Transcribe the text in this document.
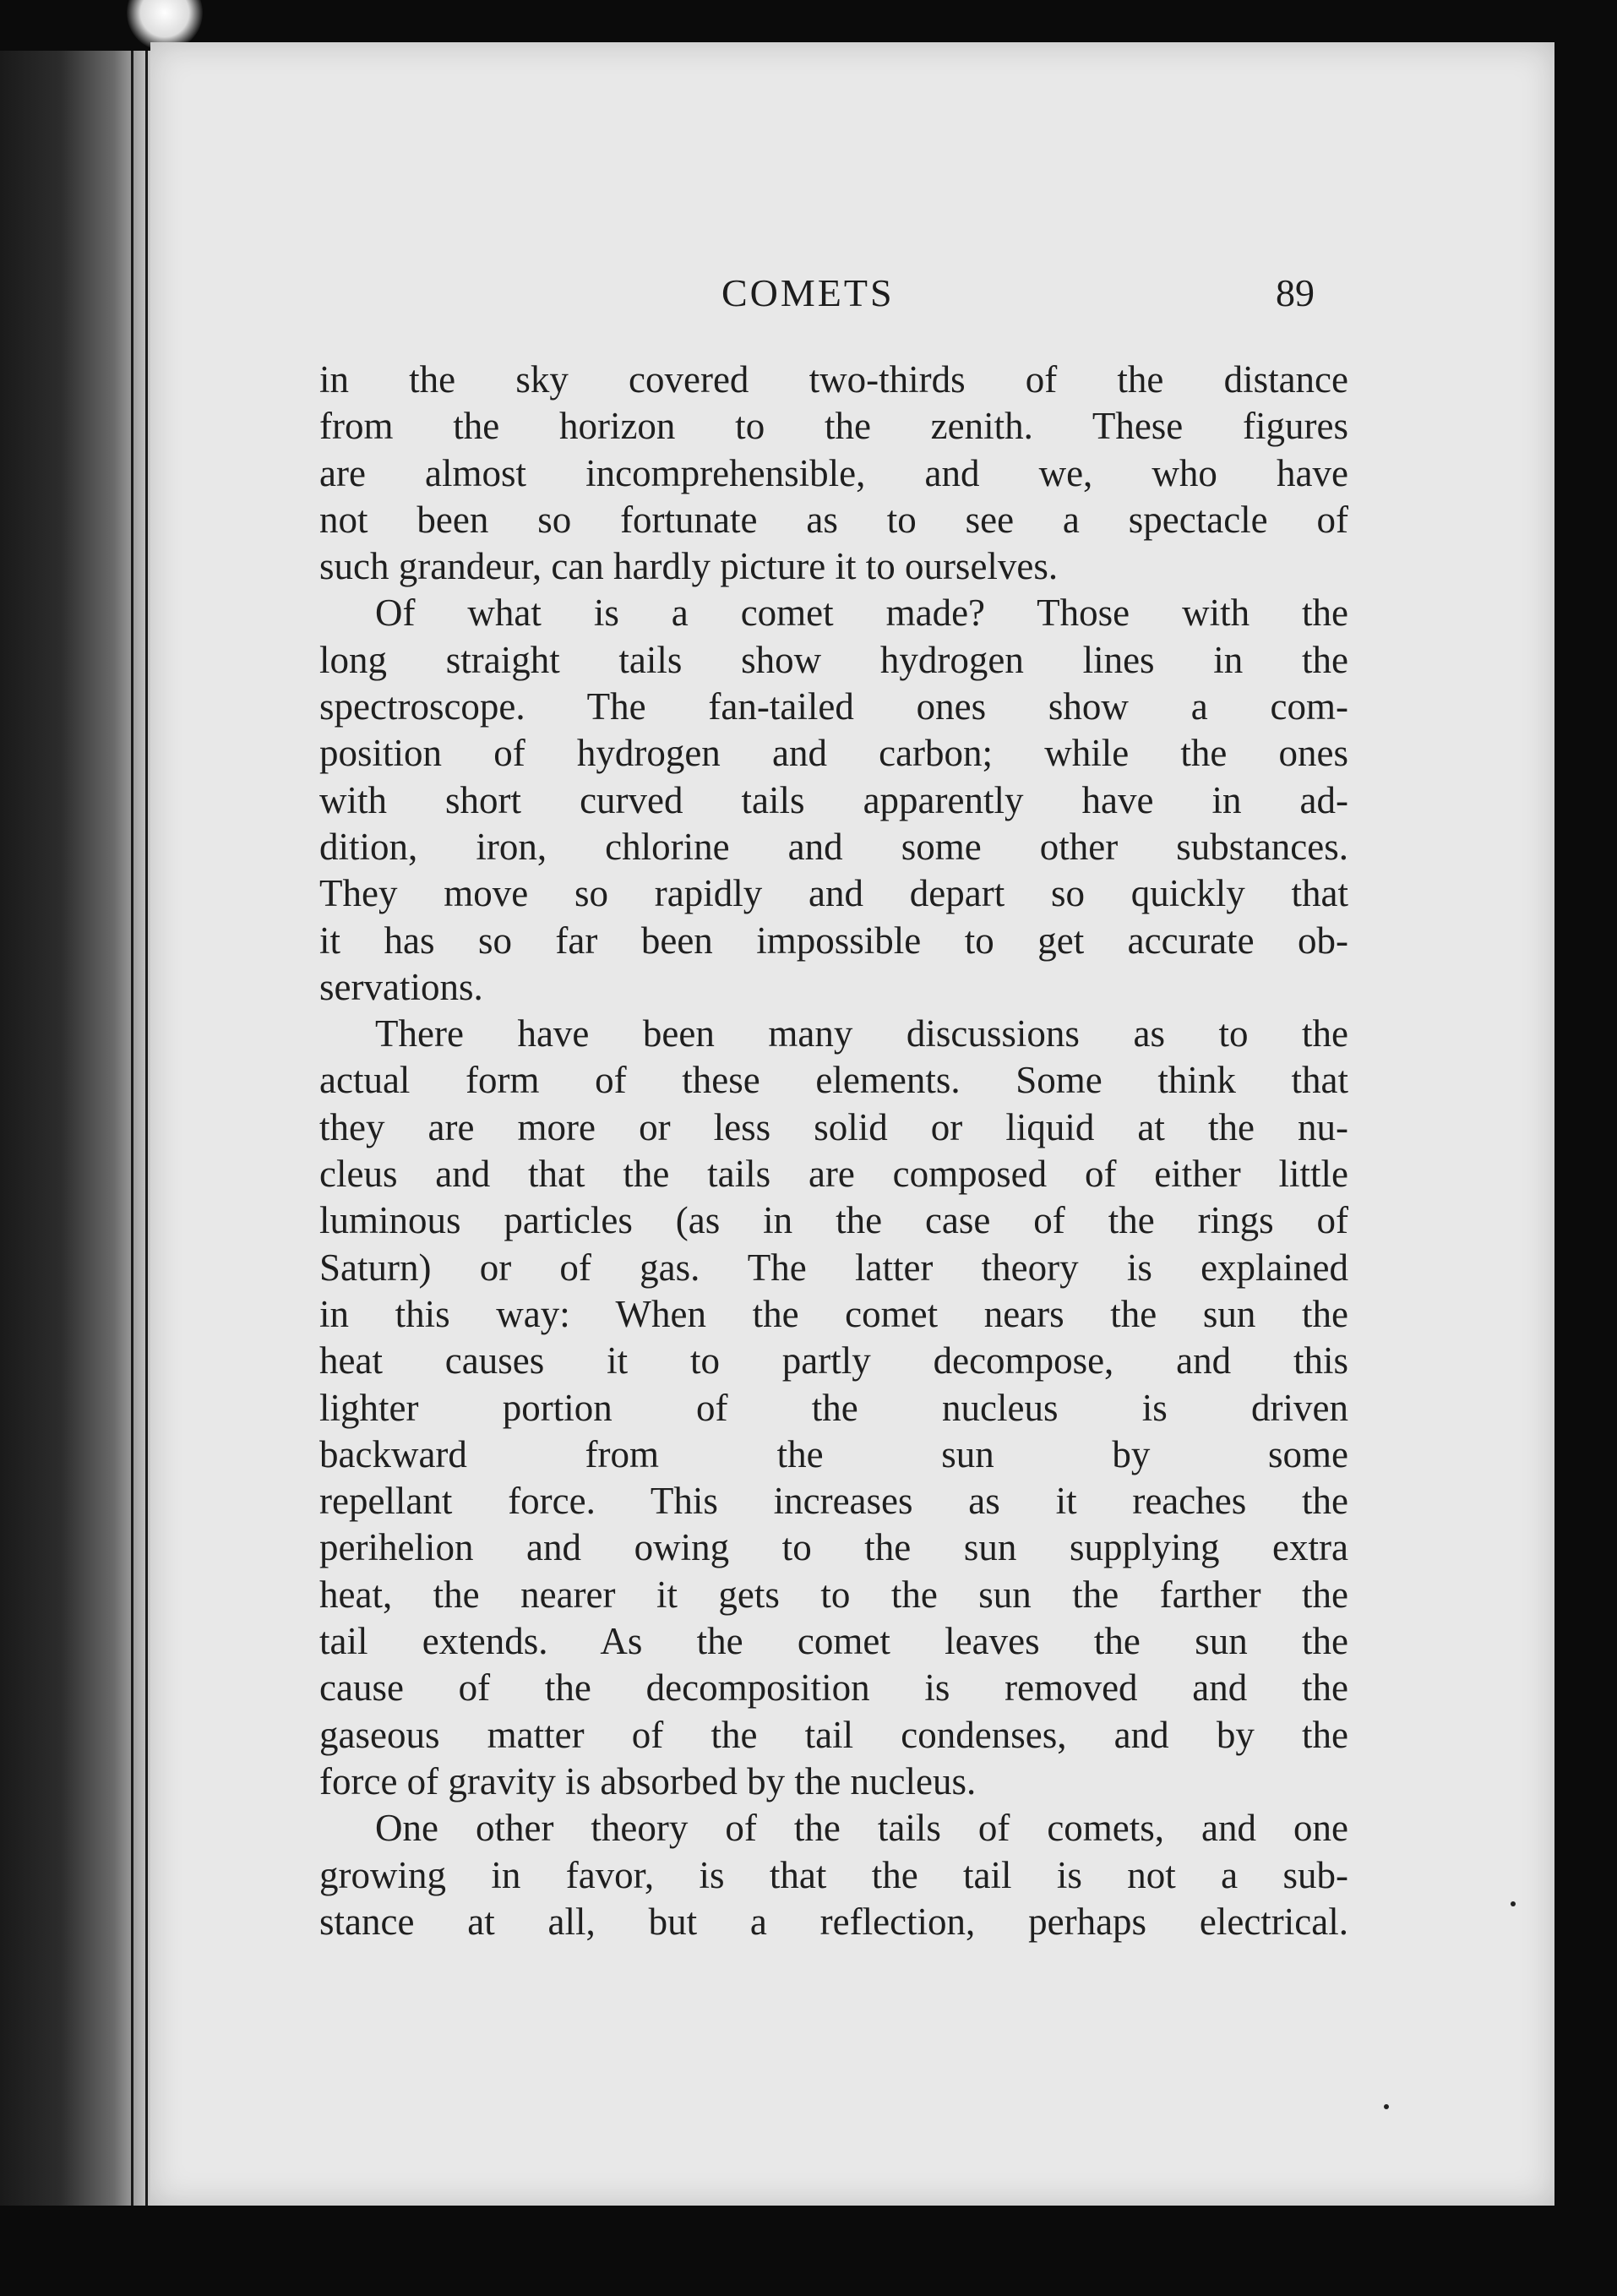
COMETS	89
in the sky covered two-thirds of the distance
from the horizon to the zenith. These figures
are almost incomprehensible, and we, who have
not been so fortunate as to see a spectacle of
such grandeur, can hardly picture it to ourselves.
Of what is a comet made? Those with the
long straight tails show hydrogen lines in the
spectroscope. The fan-tailed ones show a com-
position of hydrogen and carbon; while the ones
with short curved tails apparently have in ad-
dition, iron, chlorine and some other substances.
They move so rapidly and depart so quickly that
it has so far been impossible to get accurate ob-
servations.
There have been many discussions as to the
actual form of these elements. Some think that
they are more or less solid or liquid at the nu-
cleus and that the tails are composed of either little
luminous particles (as in the case of the rings of
Saturn) or of gas. The latter theory is explained
in this way: When the comet nears the sun the
heat causes it to partly decompose, and this
lighter portion of the nucleus is driven
backward from the sun by some
repellant force. This increases as it reaches the
perihelion and owing to the sun supplying extra
heat, the nearer it gets to the sun the farther the
tail extends. As the comet leaves the sun the
cause of the decomposition is removed and the
gaseous matter of the tail condenses, and by the
force of gravity is absorbed by the nucleus.
One other theory of the tails of comets, and one
growing in favor, is that the tail is not a sub-
stance at all, but a reflection, perhaps electrical.
